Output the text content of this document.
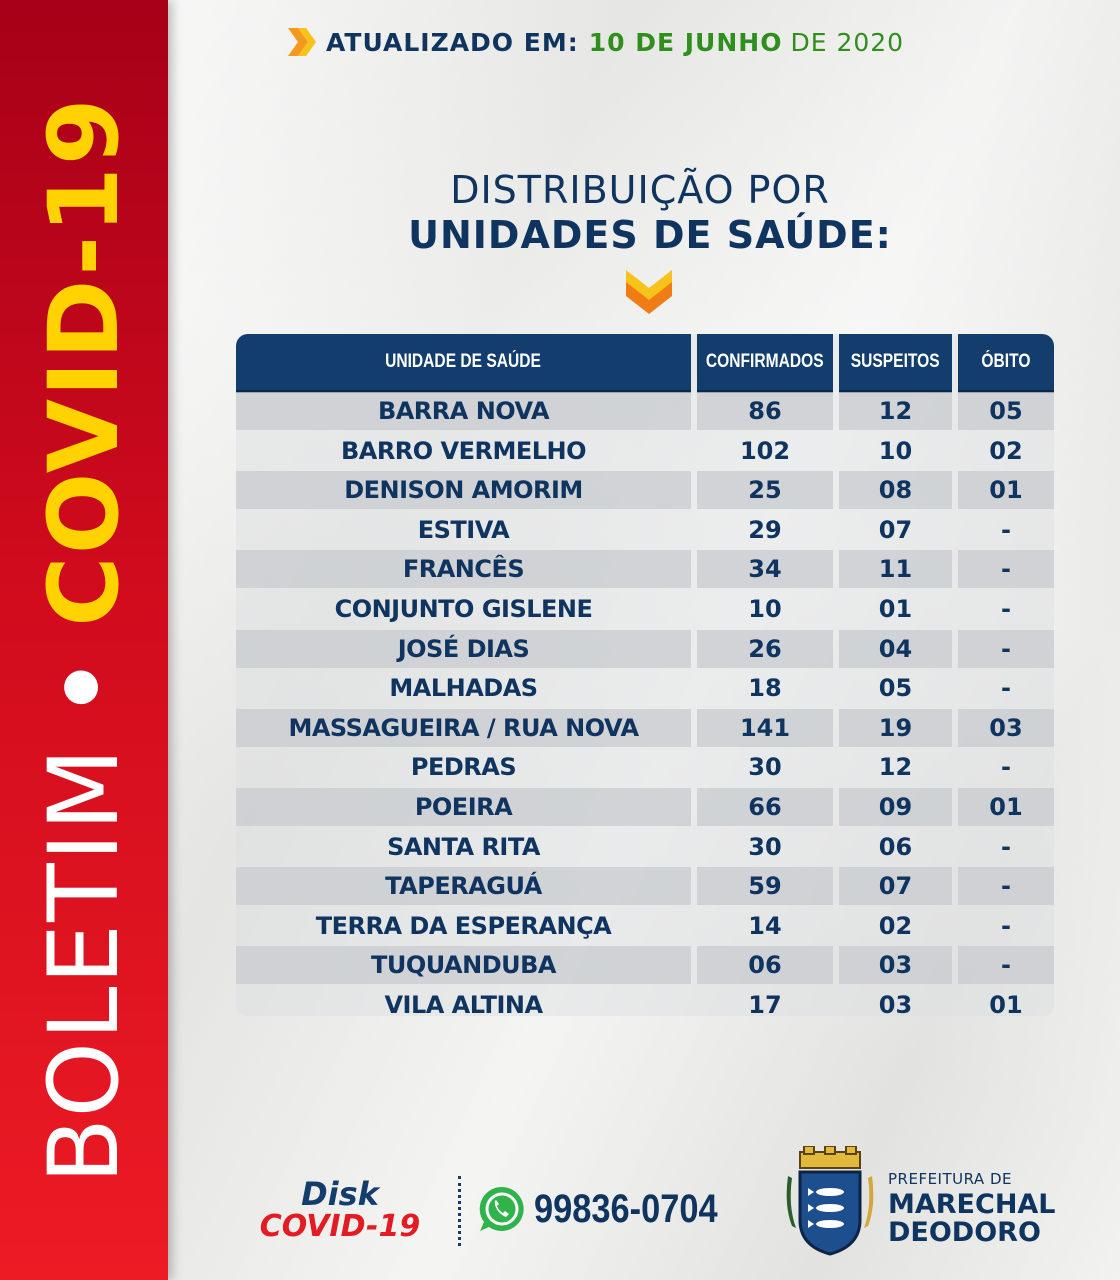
BOLETIM•COVID-19
ATUALIZADO EM: 10 DE JUNHO DE 2020
DISTRIBUIÇÃO POR
UNIDADES DE SAÚDE:
UNIDADE DE SAÚDE	CONFIRMADOS SUSPEITOS ÓBITO
BARRA NOVA	86	12	05
BARRO VERMELHO	102	10	02
DENISON AMORIM	25	08	01
ESTIVA	29	07	-
FRANCÊS	34	11	-
CONJUNTO GISLENE	10	01	-
JOSÉ DIAS	26	04	-
MALHADAS	18	05	-
MASSAGUEIRA / RUA NOVA	141	19	03
PEDRAS	30	12	-
POEIRA	66	09	01
SANTA RITA	30	06	-
TAPERAGUÁ	59	07	-
TERRA DA ESPERANÇA	14	02	-
TUQUANDUBA	06	03	-
VILA ALTINA	17	03	01
Disk
COVID-19	99836-0704
PREFEITURA DE
MARECHAL
DEODORO
